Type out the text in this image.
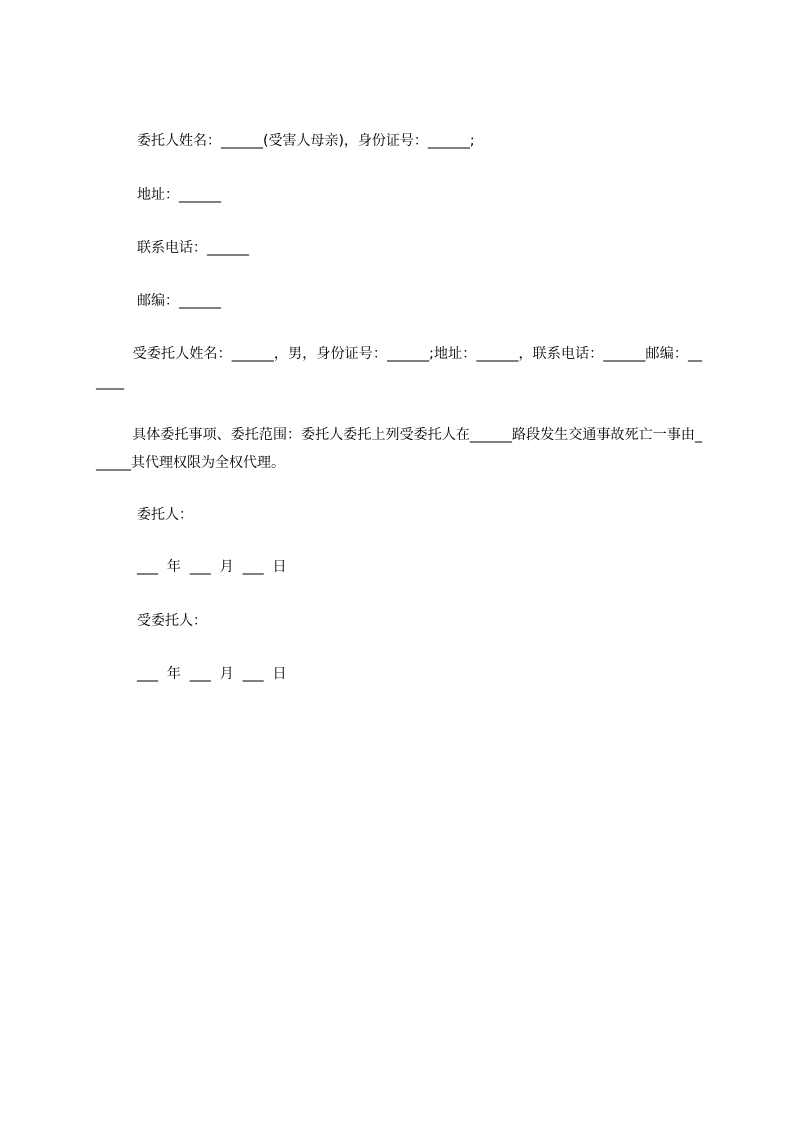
委托人姓名：______(受害人母亲)，身份证号：______;
地址：______
联系电话：______
邮编：______
受委托人姓名：______，男，身份证号：______;地址：______，联系电话：______邮编：______
具体委托事项、委托范围：委托人委托上列受委托人在______路段发生交通事故死亡一事由______其代理权限为全权代理。
委托人：
___  年  ___  月  ___  日
受委托人：
___  年  ___  月  ___  日
